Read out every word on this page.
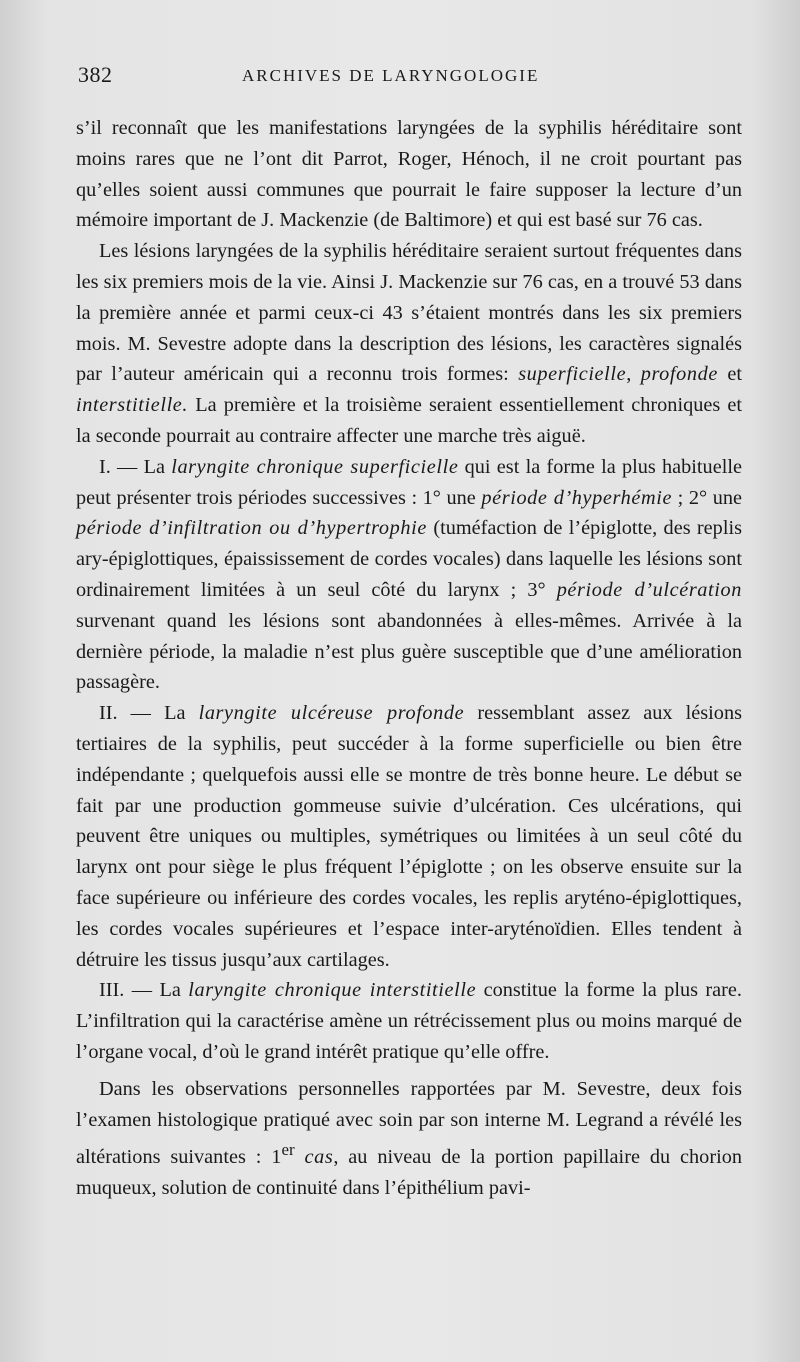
382	ARCHIVES DE LARYNGOLOGIE

s’il reconnaît que les manifestations laryngées de la syphilis héréditaire sont moins rares que ne l’ont dit Parrot, Roger, Hénoch, il ne croit pourtant pas qu’elles soient aussi communes que pourrait le faire supposer la lecture d’un mémoire important de J. Mackenzie (de Baltimore) et qui est basé sur 76 cas.

Les lésions laryngées de la syphilis héréditaire seraient surtout fréquentes dans les six premiers mois de la vie. Ainsi J. Mackenzie sur 76 cas, en a trouvé 53 dans la première année et parmi ceux-ci 43 s’étaient montrés dans les six premiers mois. M. Sevestre adopte dans la description des lésions, les caractères signalés par l’auteur américain qui a reconnu trois formes: superficielle, profonde et interstitielle. La première et la troisième seraient essentiellement chroniques et la seconde pourrait au contraire affecter une marche très aiguë.

I. — La laryngite chronique superficielle qui est la forme la plus habituelle peut présenter trois périodes successives : 1° une période d’hyperhémie ; 2° une période d’infiltration ou d’hypertrophie (tuméfaction de l’épiglotte, des replis ary-épiglottiques, épaississement de cordes vocales) dans laquelle les lésions sont ordinairement limitées à un seul côté du larynx ; 3° période d’ulcération survenant quand les lésions sont abandonnées à elles-mêmes. Arrivée à la dernière période, la maladie n’est plus guère susceptible que d’une amélioration passagère.

II. — La laryngite ulcéreuse profonde ressemblant assez aux lésions tertiaires de la syphilis, peut succéder à la forme superficielle ou bien être indépendante ; quelquefois aussi elle se montre de très bonne heure. Le début se fait par une production gommeuse suivie d’ulcération. Ces ulcérations, qui peuvent être uniques ou multiples, symétriques ou limitées à un seul côté du larynx ont pour siège le plus fréquent l’épiglotte ; on les observe ensuite sur la face supérieure ou inférieure des cordes vocales, les replis aryténo-épiglottiques, les cordes vocales supérieures et l’espace inter-aryténoïdien. Elles tendent à détruire les tissus jusqu’aux cartilages.

III. — La laryngite chronique interstitielle constitue la forme la plus rare. L’infiltration qui la caractérise amène un rétrécissement plus ou moins marqué de l’organe vocal, d’où le grand intérêt pratique qu’elle offre.

Dans les observations personnelles rapportées par M. Sevestre, deux fois l’examen histologique pratiqué avec soin par son interne M. Legrand a révélé les altérations suivantes : 1er cas, au niveau de la portion papillaire du chorion muqueux, solution de continuité dans l’épithélium pavi-
